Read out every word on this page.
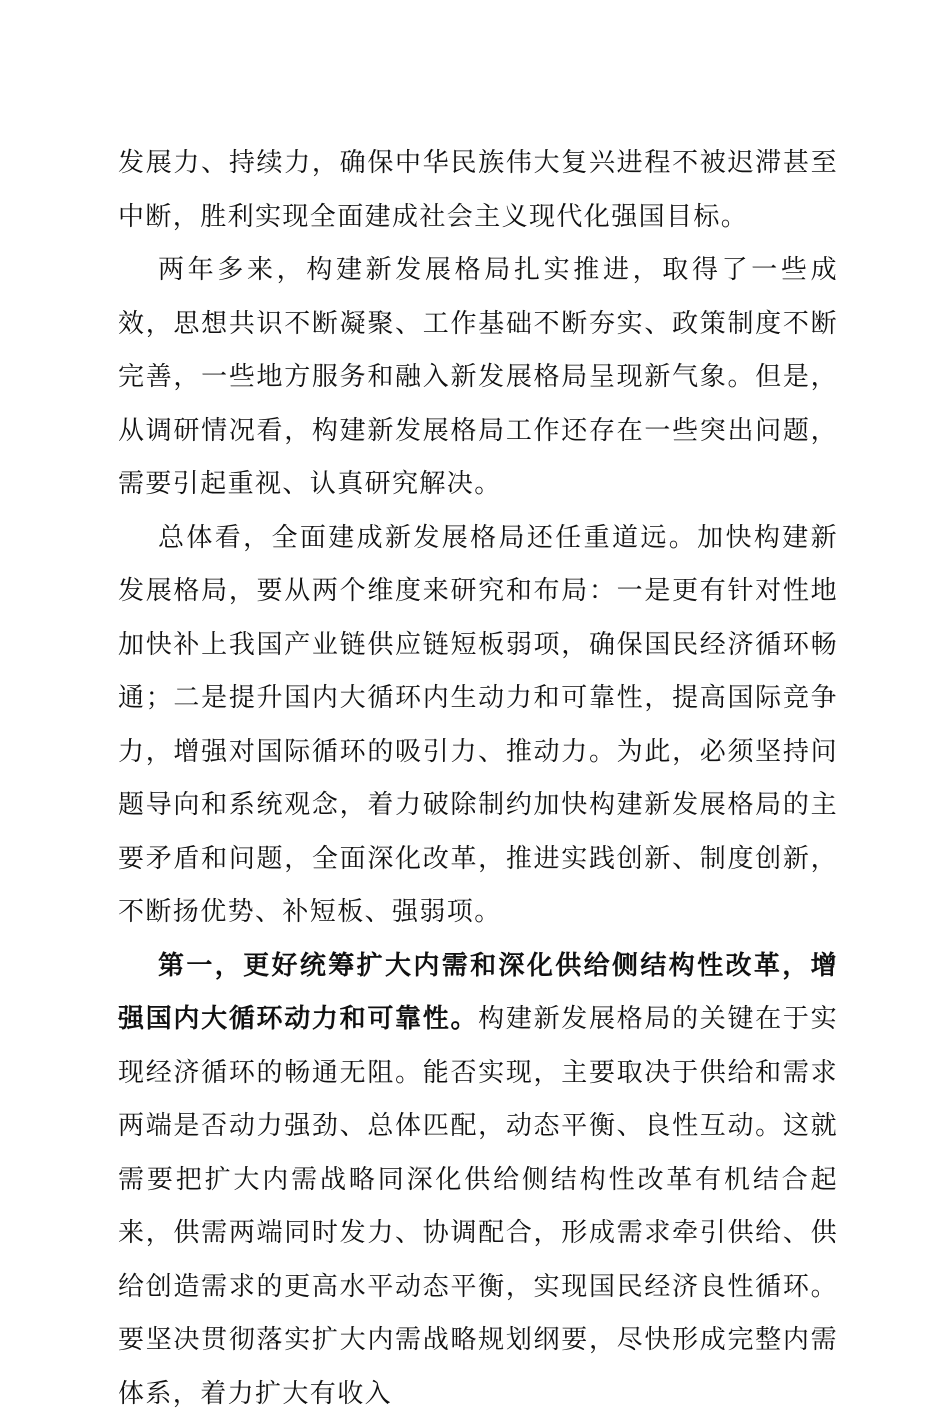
发展力、持续力，确保中华民族伟大复兴进程不被迟滞甚至中断，胜利实现全面建成社会主义现代化强国目标。

两年多来，构建新发展格局扎实推进，取得了一些成效，思想共识不断凝聚、工作基础不断夯实、政策制度不断完善，一些地方服务和融入新发展格局呈现新气象。但是，从调研情况看，构建新发展格局工作还存在一些突出问题，需要引起重视、认真研究解决。

总体看，全面建成新发展格局还任重道远。加快构建新发展格局，要从两个维度来研究和布局：一是更有针对性地加快补上我国产业链供应链短板弱项，确保国民经济循环畅通；二是提升国内大循环内生动力和可靠性，提高国际竞争力，增强对国际循环的吸引力、推动力。为此，必须坚持问题导向和系统观念，着力破除制约加快构建新发展格局的主要矛盾和问题，全面深化改革，推进实践创新、制度创新，不断扬优势、补短板、强弱项。

第一，更好统筹扩大内需和深化供给侧结构性改革，增强国内大循环动力和可靠性。构建新发展格局的关键在于实现经济循环的畅通无阻。能否实现，主要取决于供给和需求两端是否动力强劲、总体匹配，动态平衡、良性互动。这就需要把扩大内需战略同深化供给侧结构性改革有机结合起来，供需两端同时发力、协调配合，形成需求牵引供给、供给创造需求的更高水平动态平衡，实现国民经济良性循环。要坚决贯彻落实扩大内需战略规划纲要，尽快形成完整内需体系，着力扩大有收入
